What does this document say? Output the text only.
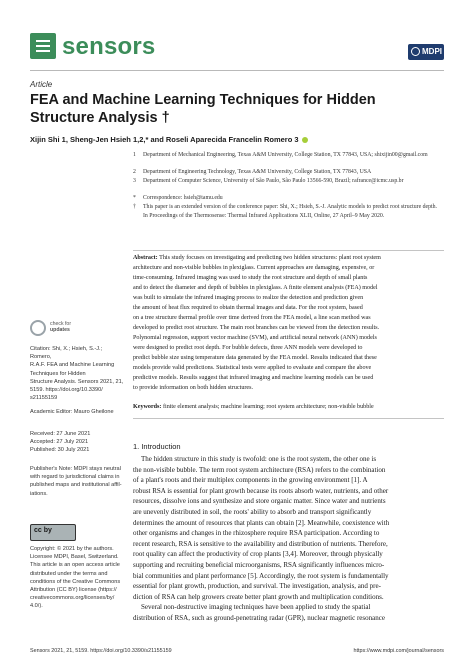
sensors	MDPI
Article
FEA and Machine Learning Techniques for Hidden Structure Analysis †
Xijin Shi 1, Sheng-Jen Hsieh 1,2,* and Roseli Aparecida Francelin Romero 3
1 Department of Mechanical Engineering, Texas A&M University, College Station, TX 77843, USA; shixijin00@gmail.com
2 Department of Engineering Technology, Texas A&M University, College Station, TX 77843, USA
3 Department of Computer Science, University of São Paulo, São Paulo 13566-590, Brazil; rafrance@icmc.usp.br
* Correspondence: hsieh@tamu.edu
† This paper is an extended version of the conference paper: Shi, X.; Hsieh, S.-J. Analytic models to predict root structure depth. In Proceedings of the Thermosense: Thermal Infrared Applications XLII, Online, 27 April–9 May 2020.
Abstract: This study focuses on investigating and predicting two hidden structures: plant root system
architecture and non-visible bubbles in plexiglass. Current approaches are damaging, expensive, or
time-consuming. Infrared imaging was used to study the root structure and depth of small plants
and to detect the diameter and depth of bubbles in plexiglass. A finite element analysis (FEA) model
was built to simulate the infrared imaging process to realize the detection and prediction given
the amount of heat flux required to obtain thermal images and data. For the root system, based
on a tree structure thermal profile over time derived from the FEA model, a line scan method was
developed to predict root structure. The main root branches can be viewed from the detection results.
Polynomial regression, support vector machine (SVM), and artificial neural network (ANN) models
were designed to predict root depth. For bubble defects, three ANN models were developed to
predict bubble size using temperature data generated by the FEA model. Results indicated that these
models provide valid predictions. Statistical tests were applied to evaluate and compare the above
predictive models. Results suggest that infrared imaging and machine learning models can be used
to provide information on both hidden structures.
Keywords: finite element analysis; machine learning; root system architecture; non-visible bubble
check for
updates
Citation: Shi, X.; Hsieh, S.-J.; Romero,
R.A.F. FEA and Machine Learning
Techniques for Hidden
Structure Analysis. Sensors 2021, 21,
5159. https://doi.org/10.3390/
s21155159
Academic Editor: Mauro Gheilone
Received: 27 June 2021
Accepted: 27 July 2021
Published: 30 July 2021
Publisher's Note: MDPI stays neutral
with regard to jurisdictional claims in
published maps and institutional affil-
iations.
cc by
Copyright: © 2021 by the authors.
Licensee MDPI, Basel, Switzerland.
This article is an open access article
distributed under the terms and
conditions of the Creative Commons
Attribution (CC BY) license (https://
creativecommons.org/licenses/by/
4.0/).
1. Introduction
The hidden structure in this study is twofold: one is the root system, the other one is
the non-visible bubble. The term root system architecture (RSA) refers to the combination
of a plant's roots and their multiplex components in the growing environment [1]. A
robust RSA is essential for plant growth because its roots absorb water, nutrients, and other
resources, dissolve ions and synthesize and store organic matter. Since water and nutrients
are unevenly distributed in soil, the roots' ability to absorb and transport significantly
determines the amount of resources that plants can obtain [2]. Meanwhile, coexistence with
other organisms and changes in the rhizosphere require RSA participation. According to
recent research, RSA is sensitive to the availability and distribution of nutrients. Therefore,
root quality can affect the productivity of crop plants [3,4]. Moreover, through physically
supporting and recruiting beneficial microorganisms, RSA significantly influences micro-
bial communities and plant performance [5]. Accordingly, the root system is fundamentally
essential for plant growth, production, and survival. The investigation, analysis, and pre-
diction of RSA can help growers create better plant growth and multiplication conditions.
Several non-destructive imaging techniques have been applied to study the spatial
distribution of RSA, such as ground-penetrating radar (GPR), nuclear magnetic resonance
Sensors 2021, 21, 5159. https://doi.org/10.3390/s21155159	https://www.mdpi.com/journal/sensors
